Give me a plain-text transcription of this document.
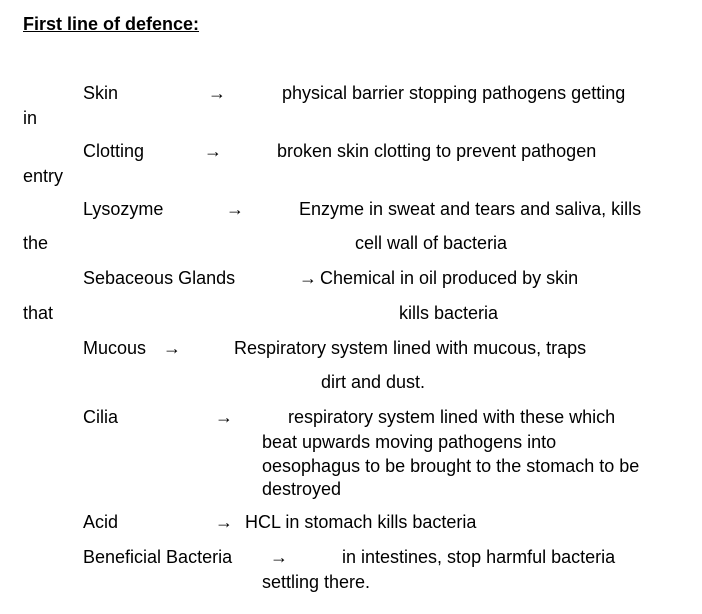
First line of defence:
Skin	→	physical barrier stopping pathogens getting
in
Clotting	→	broken skin clotting to prevent pathogen
entry
Lysozyme	→	Enzyme in sweat and tears and saliva, kills
the	cell wall of bacteria
Sebaceous Glands	→ Chemical in oil produced by skin
that	kills bacteria
Mucous →	Respiratory system lined with mucous, traps
dirt and dust.
Cilia	→	respiratory system lined with these which
beat upwards moving pathogens into
oesophagus to be brought to the stomach to be
destroyed
Acid	→ HCL in stomach kills bacteria
Beneficial Bacteria →	in intestines, stop harmful bacteria
settling there.
